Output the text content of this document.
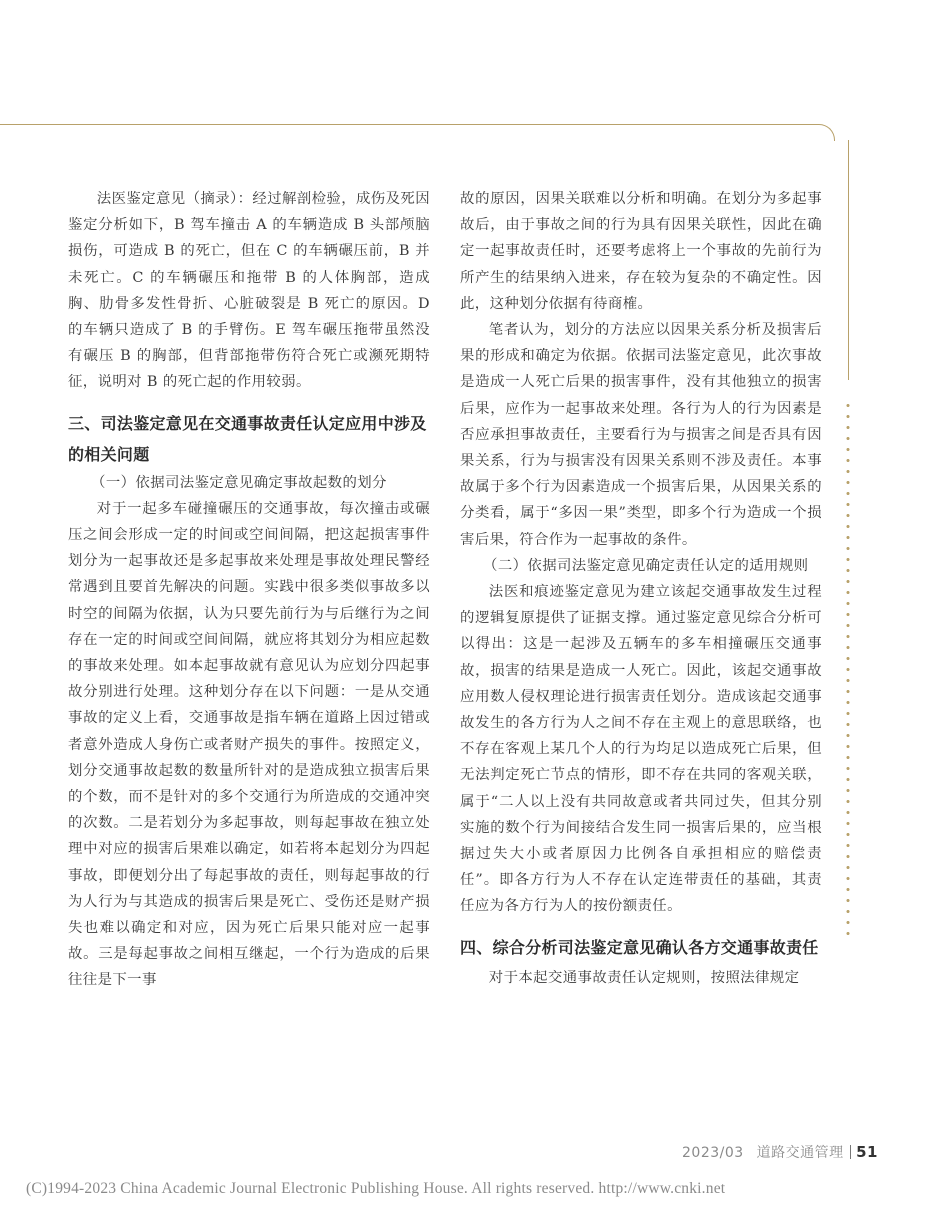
法医鉴定意见（摘录）：经过解剖检验，成伤及死因鉴定分析如下，B 驾车撞击 A 的车辆造成 B 头部颅脑损伤，可造成 B 的死亡，但在 C 的车辆碾压前，B 并未死亡。C 的车辆碾压和拖带 B 的人体胸部，造成胸、肋骨多发性骨折、心脏破裂是 B 死亡的原因。D 的车辆只造成了 B 的手臂伤。E 驾车碾压拖带虽然没有碾压 B 的胸部，但背部拖带伤符合死亡或濒死期特征，说明对 B 的死亡起的作用较弱。

三、司法鉴定意见在交通事故责任认定应用中涉及的相关问题

（一）依据司法鉴定意见确定事故起数的划分

对于一起多车碰撞碾压的交通事故，每次撞击或碾压之间会形成一定的时间或空间间隔，把这起损害事件划分为一起事故还是多起事故来处理是事故处理民警经常遇到且要首先解决的问题。实践中很多类似事故多以时空的间隔为依据，认为只要先前行为与后继行为之间存在一定的时间或空间间隔，就应将其划分为相应起数的事故来处理。如本起事故就有意见认为应划分四起事故分别进行处理。这种划分存在以下问题：一是从交通事故的定义上看，交通事故是指车辆在道路上因过错或者意外造成人身伤亡或者财产损失的事件。按照定义，划分交通事故起数的数量所针对的是造成独立损害后果的个数，而不是针对的多个交通行为所造成的交通冲突的次数。二是若划分为多起事故，则每起事故在独立处理中对应的损害后果难以确定，如若将本起划分为四起事故，即便划分出了每起事故的责任，则每起事故的行为人行为与其造成的损害后果是死亡、受伤还是财产损失也难以确定和对应，因为死亡后果只能对应一起事故。三是每起事故之间相互继起，一个行为造成的后果往往是下一事

故的原因，因果关联难以分析和明确。在划分为多起事故后，由于事故之间的行为具有因果关联性，因此在确定一起事故责任时，还要考虑将上一个事故的先前行为所产生的结果纳入进来，存在较为复杂的不确定性。因此，这种划分依据有待商榷。

笔者认为，划分的方法应以因果关系分析及损害后果的形成和确定为依据。依据司法鉴定意见，此次事故是造成一人死亡后果的损害事件，没有其他独立的损害后果，应作为一起事故来处理。各行为人的行为因素是否应承担事故责任，主要看行为与损害之间是否具有因果关系，行为与损害没有因果关系则不涉及责任。本事故属于多个行为因素造成一个损害后果，从因果关系的分类看，属于“多因一果”类型，即多个行为造成一个损害后果，符合作为一起事故的条件。

（二）依据司法鉴定意见确定责任认定的适用规则

法医和痕迹鉴定意见为建立该起交通事故发生过程的逻辑复原提供了证据支撑。通过鉴定意见综合分析可以得出：这是一起涉及五辆车的多车相撞碾压交通事故，损害的结果是造成一人死亡。因此，该起交通事故应用数人侵权理论进行损害责任划分。造成该起交通事故发生的各方行为人之间不存在主观上的意思联络，也不存在客观上某几个人的行为均足以造成死亡后果，但无法判定死亡节点的情形，即不存在共同的客观关联，属于“二人以上没有共同故意或者共同过失，但其分别实施的数个行为间接结合发生同一损害后果的，应当根据过失大小或者原因力比例各自承担相应的赔偿责任”。即各方行为人不存在认定连带责任的基础，其责任应为各方行为人的按份额责任。

四、综合分析司法鉴定意见确认各方交通事故责任

对于本起交通事故责任认定规则，按照法律规定

2023/03 道路交通管理 51
(C)1994-2023 China Academic Journal Electronic Publishing House. All rights reserved. http://www.cnki.net
